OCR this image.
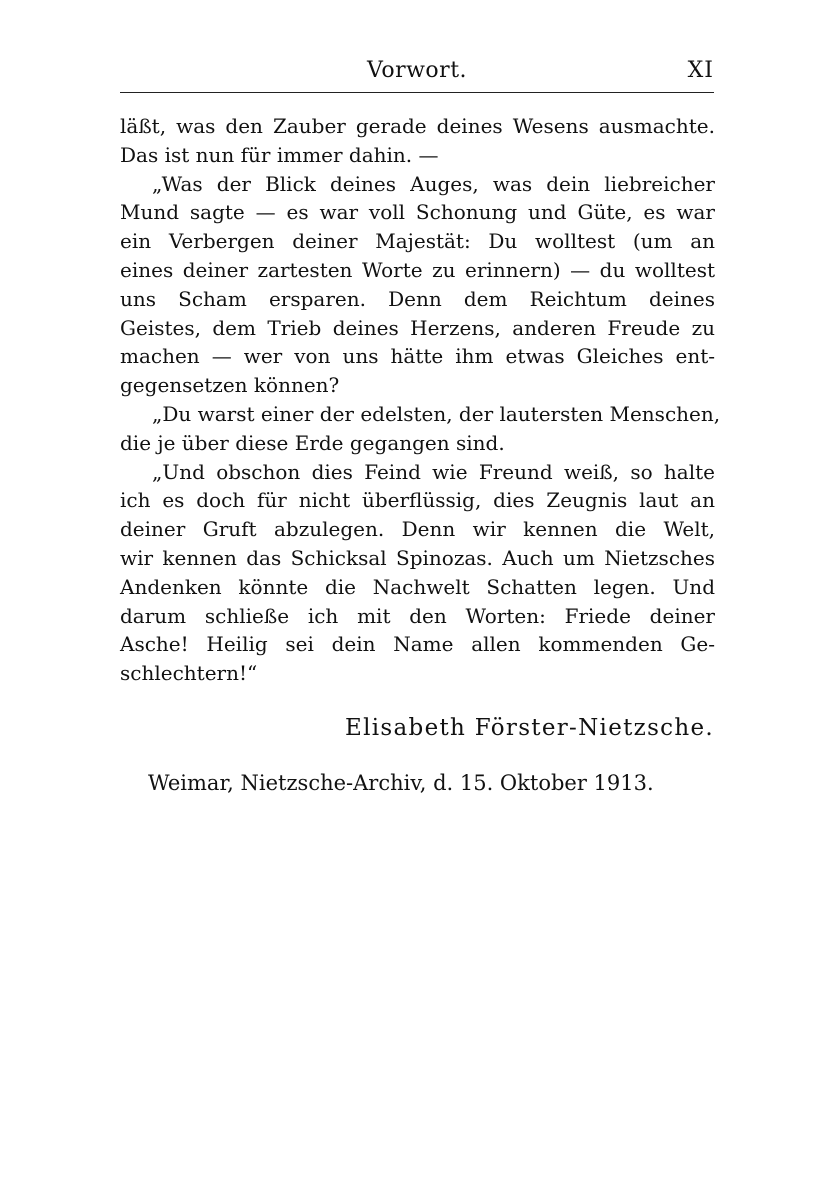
Vorwort.	XI
läßt, was den Zauber gerade deines Wesens ausmachte.
Das ist nun für immer dahin. —
„Was der Blick deines Auges, was dein liebreicher
Mund sagte — es war voll Schonung und Güte, es war
ein Verbergen deiner Majestät: Du wolltest (um an
eines deiner zartesten Worte zu erinnern) — du wolltest
uns Scham ersparen. Denn dem Reichtum deines
Geistes, dem Trieb deines Herzens, anderen Freude zu
machen — wer von uns hätte ihm etwas Gleiches ent-
gegensetzen können?
„Du warst einer der edelsten, der lautersten Menschen,
die je über diese Erde gegangen sind.
„Und obschon dies Feind wie Freund weiß, so halte
ich es doch für nicht überflüssig, dies Zeugnis laut an
deiner Gruft abzulegen. Denn wir kennen die Welt,
wir kennen das Schicksal Spinozas. Auch um Nietzsches
Andenken könnte die Nachwelt Schatten legen. Und
darum schließe ich mit den Worten: Friede deiner
Asche! Heilig sei dein Name allen kommenden Ge-
schlechtern!“
Elisabeth Förster-Nietzsche.
Weimar, Nietzsche-Archiv, d. 15. Oktober 1913.
